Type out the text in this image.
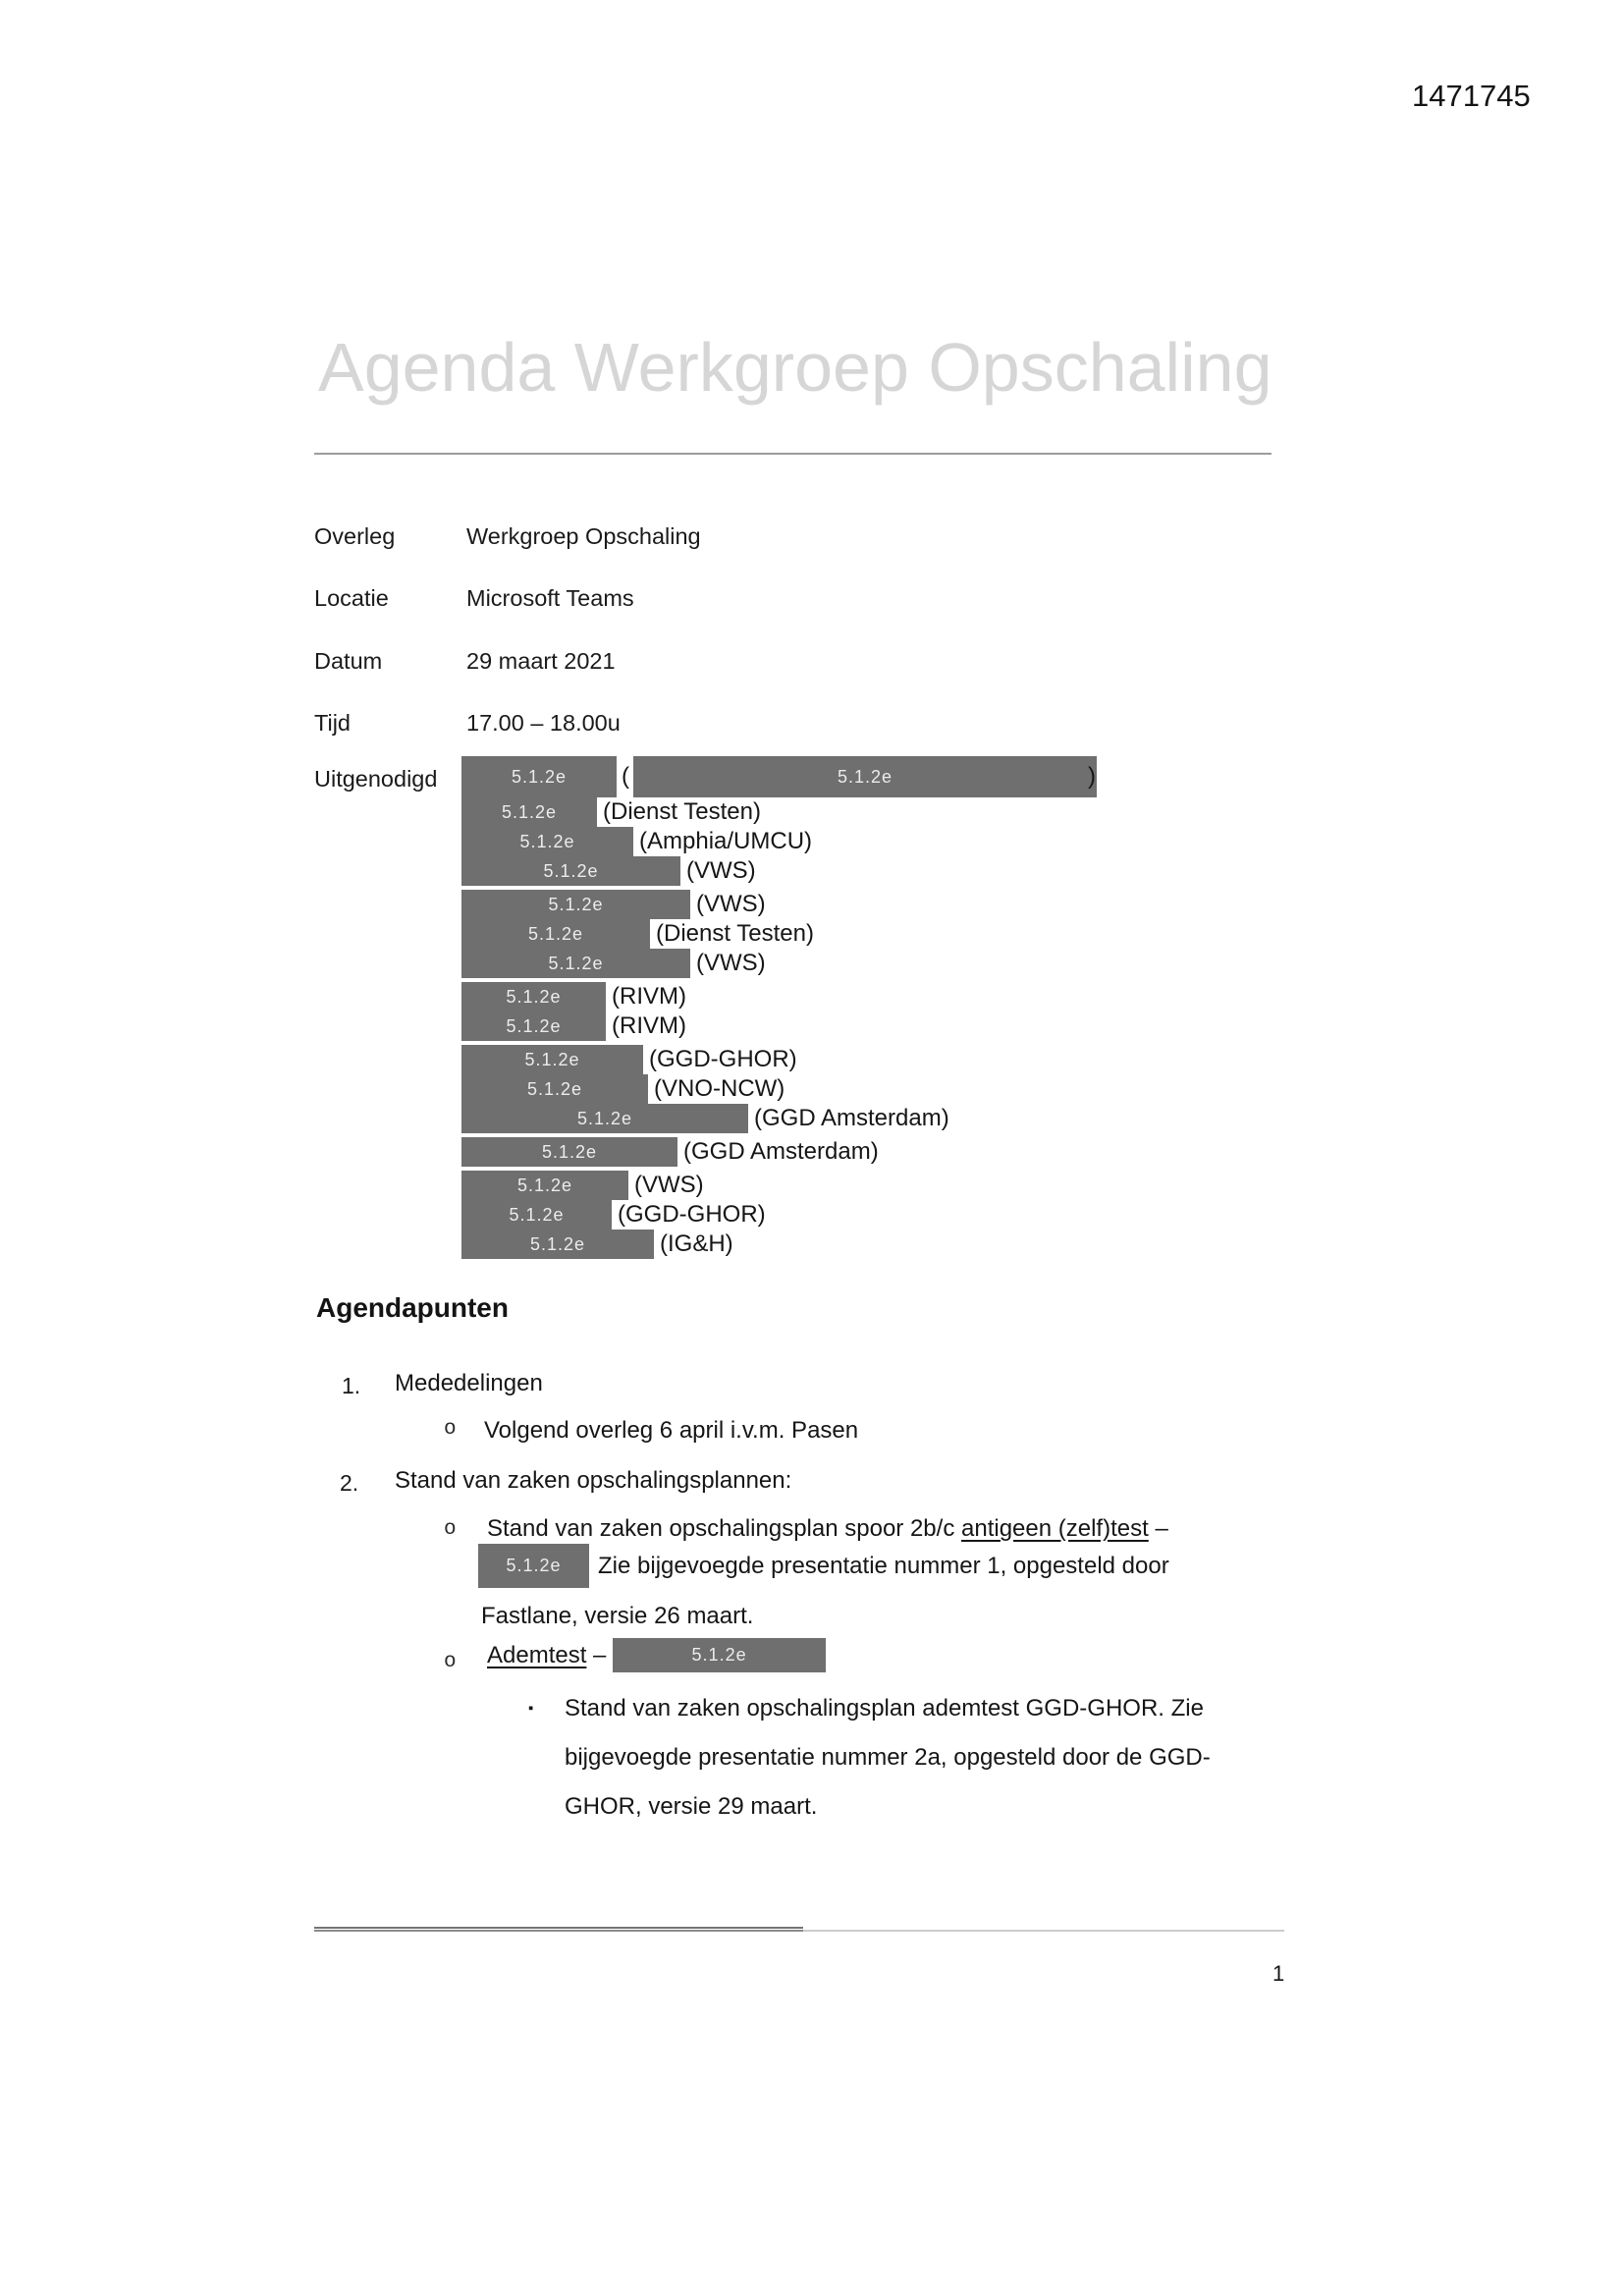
1471745
Agenda Werkgroep Opschaling
Overleg	Werkgroep Opschaling
Locatie	Microsoft Teams
Datum	29 maart 2021
Tijd	17.00 – 18.00u
Uitgenodigd	5.1.2e (	5.1.2e	)
5.1.2e (Dienst Testen)
5.1.2e	(Amphia/UMCU)
5.1.2e	(VWS)
5.1.2e	(VWS)
5.1.2e	(Dienst Testen)
5.1.2e	(VWS)
5.1.2e (RIVM)
5.1.2e (RIVM)
5.1.2e	(GGD-GHOR)
5.1.2e	(VNO-NCW)
5.1.2e	(GGD Amsterdam)
5.1.2e	(GGD Amsterdam)
5.1.2e	(VWS)
5.1.2e (GGD-GHOR)
5.1.2e	(IG&H)
Agendapunten
1. Mededelingen
o Volgend overleg 6 april i.v.m. Pasen
2. Stand van zaken opschalingsplannen:
o Stand van zaken opschalingsplan spoor 2b/c antigeen (zelf)test –
5.1.2e Zie bijgevoegde presentatie nummer 1, opgesteld door
Fastlane, versie 26 maart.
o Ademtest –	5.1.2e
▪ Stand van zaken opschalingsplan ademtest GGD-GHOR. Zie
bijgevoegde presentatie nummer 2a, opgesteld door de GGD-
GHOR, versie 29 maart.
1
